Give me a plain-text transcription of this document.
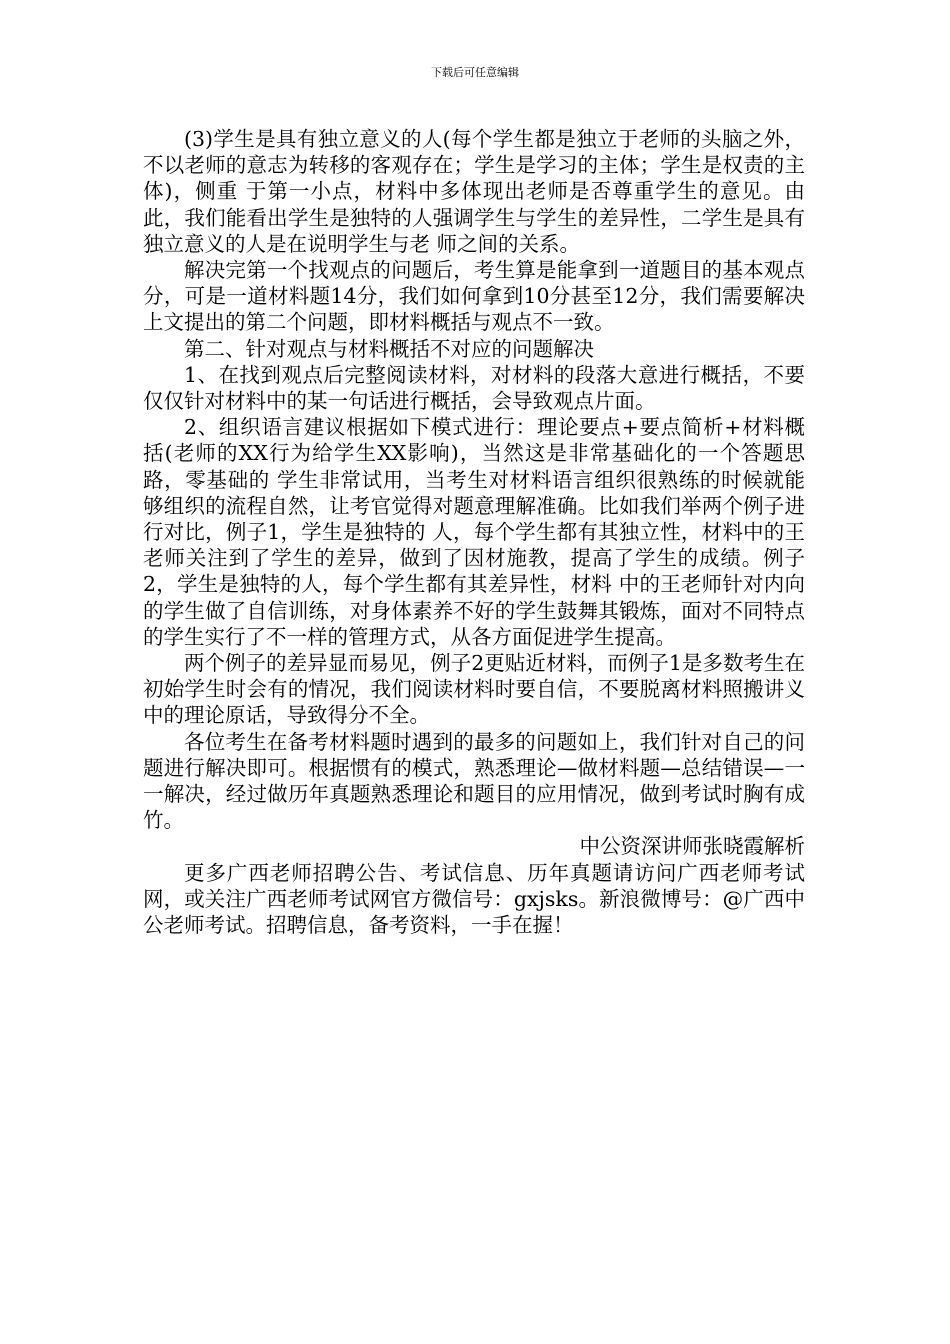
下载后可任意编辑

(3)学生是具有独立意义的人(每个学生都是独立于老师的头脑之外，不以老师的意志为转移的客观存在；学生是学习的主体；学生是权责的主体)，侧重 于第一小点，材料中多体现出老师是否尊重学生的意见。由此，我们能看出学生是独特的人强调学生与学生的差异性，二学生是具有独立意义的人是在说明学生与老 师之间的关系。

解决完第一个找观点的问题后，考生算是能拿到一道题目的基本观点分，可是一道材料题14分，我们如何拿到10分甚至12分，我们需要解决上文提出的第二个问题，即材料概括与观点不一致。

第二、针对观点与材料概括不对应的问题解决

1、在找到观点后完整阅读材料，对材料的段落大意进行概括，不要仅仅针对材料中的某一句话进行概括，会导致观点片面。

2、组织语言建议根据如下模式进行：理论要点+要点简析+材料概括(老师的XX行为给学生XX影响)，当然这是非常基础化的一个答题思路，零基础的 学生非常试用，当考生对材料语言组织很熟练的时候就能够组织的流程自然，让考官觉得对题意理解准确。比如我们举两个例子进行对比，例子1，学生是独特的 人，每个学生都有其独立性，材料中的王老师关注到了学生的差异，做到了因材施教，提高了学生的成绩。例子2，学生是独特的人，每个学生都有其差异性，材料 中的王老师针对内向的学生做了自信训练，对身体素养不好的学生鼓舞其锻炼，面对不同特点的学生实行了不一样的管理方式，从各方面促进学生提高。

两个例子的差异显而易见，例子2更贴近材料，而例子1是多数考生在初始学生时会有的情况，我们阅读材料时要自信，不要脱离材料照搬讲义中的理论原话，导致得分不全。

各位考生在备考材料题时遇到的最多的问题如上，我们针对自己的问题进行解决即可。根据惯有的模式，熟悉理论—做材料题—总结错误—一一解决，经过做历年真题熟悉理论和题目的应用情况，做到考试时胸有成竹。

中公资深讲师张晓霞解析

更多广西老师招聘公告、考试信息、历年真题请访问广西老师考试网，或关注广西老师考试网官方微信号：gxjsks。新浪微博号：@广西中公老师考试。招聘信息，备考资料，一手在握！
